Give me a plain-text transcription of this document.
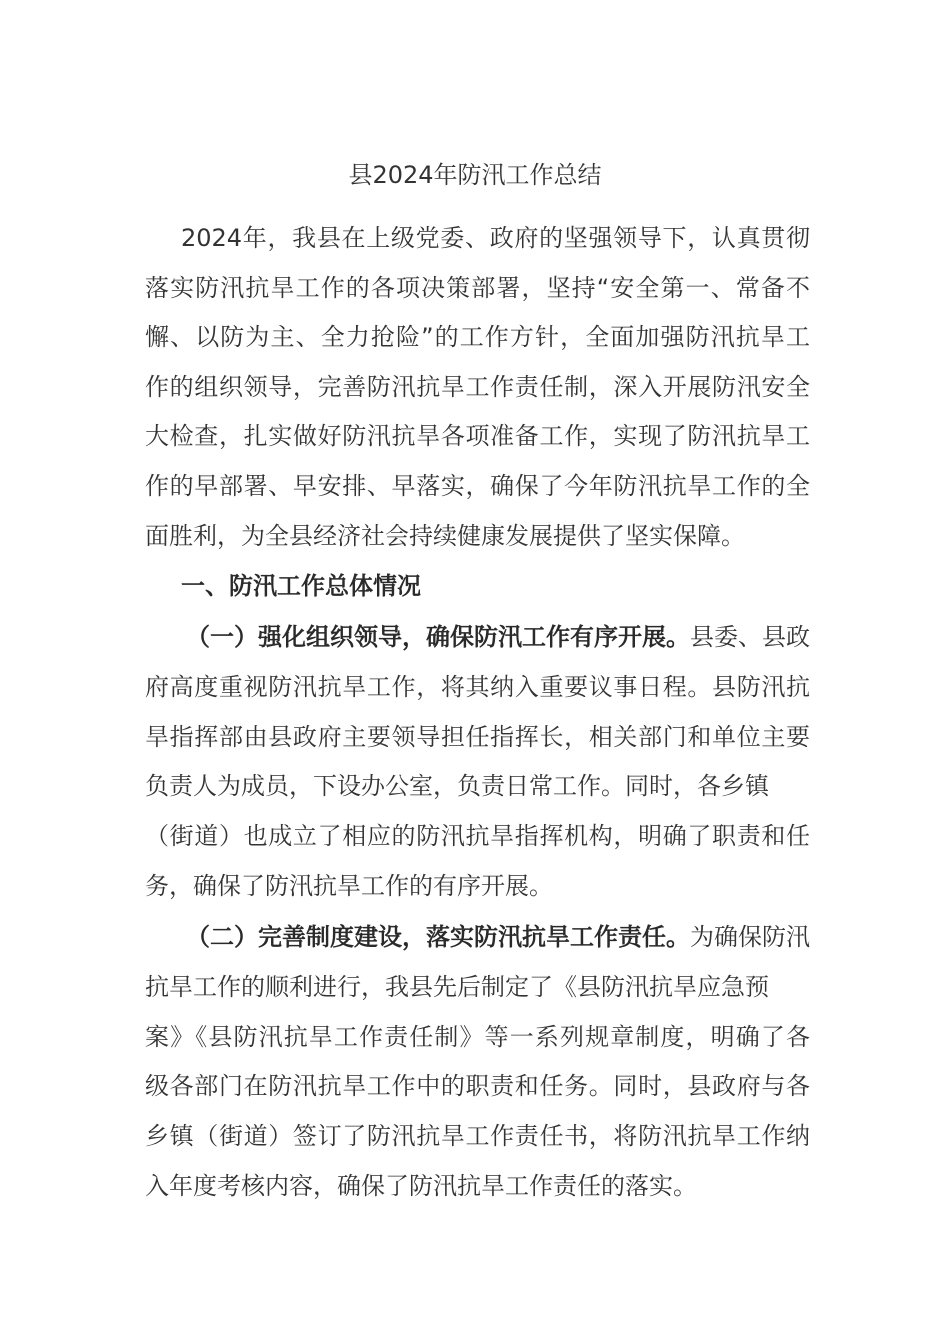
县2024年防汛工作总结
2024年，我县在上级党委、政府的坚强领导下，认真贯彻
落实防汛抗旱工作的各项决策部署，坚持“安全第一、常备不
懈、以防为主、全力抢险”的工作方针，全面加强防汛抗旱工
作的组织领导，完善防汛抗旱工作责任制，深入开展防汛安全
大检查，扎实做好防汛抗旱各项准备工作，实现了防汛抗旱工
作的早部署、早安排、早落实，确保了今年防汛抗旱工作的全
面胜利，为全县经济社会持续健康发展提供了坚实保障。
一、防汛工作总体情况
（一）强化组织领导，确保防汛工作有序开展。县委、县政
府高度重视防汛抗旱工作，将其纳入重要议事日程。县防汛抗
旱指挥部由县政府主要领导担任指挥长，相关部门和单位主要
负责人为成员，下设办公室，负责日常工作。同时，各乡镇
（街道）也成立了相应的防汛抗旱指挥机构，明确了职责和任
务，确保了防汛抗旱工作的有序开展。
（二）完善制度建设，落实防汛抗旱工作责任。为确保防汛
抗旱工作的顺利进行，我县先后制定了《县防汛抗旱应急预
案》《县防汛抗旱工作责任制》等一系列规章制度，明确了各
级各部门在防汛抗旱工作中的职责和任务。同时，县政府与各
乡镇（街道）签订了防汛抗旱工作责任书，将防汛抗旱工作纳
入年度考核内容，确保了防汛抗旱工作责任的落实。
